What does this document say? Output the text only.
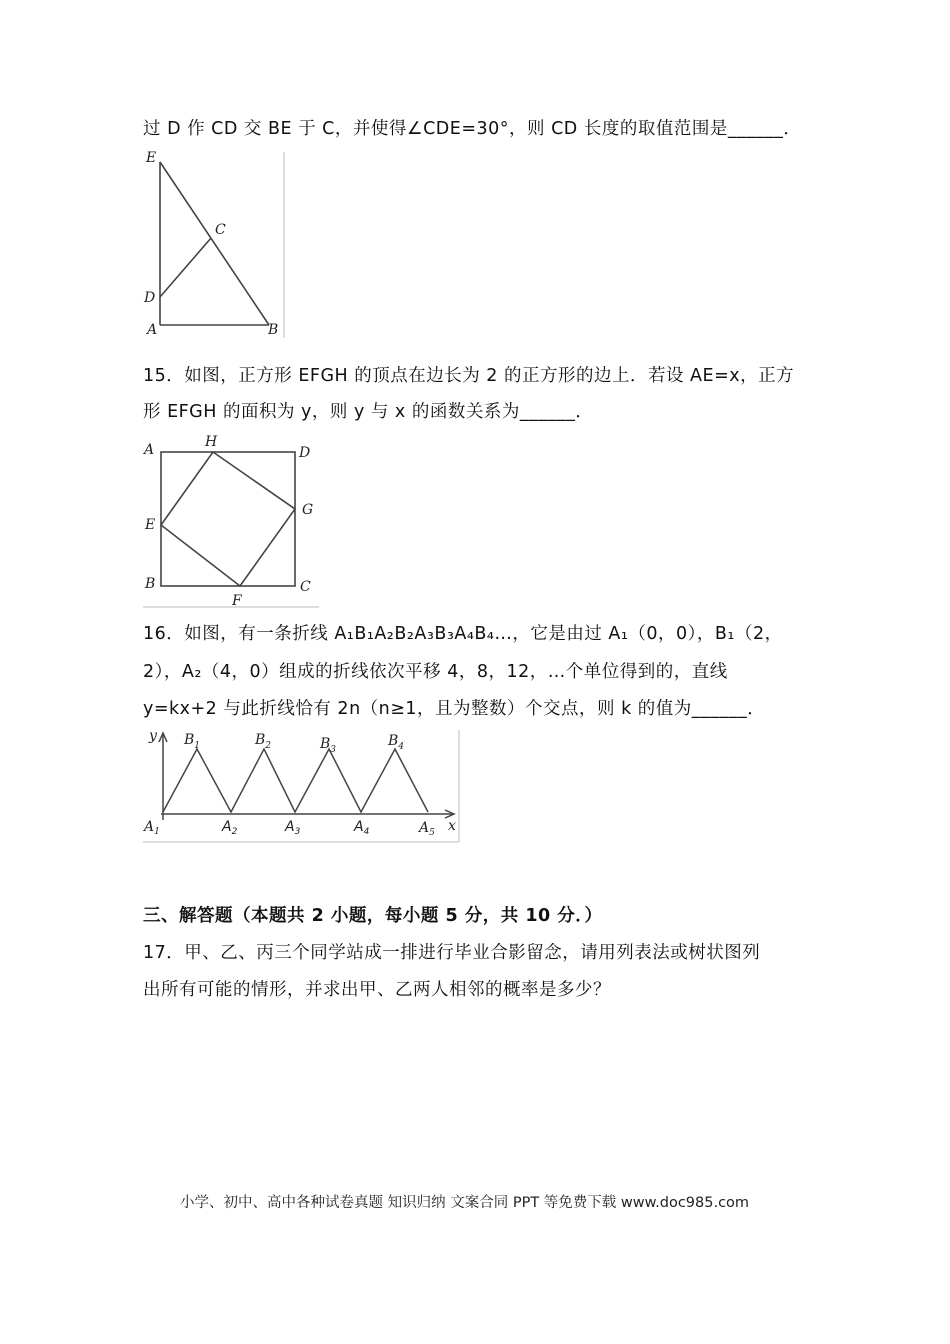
过 D 作 CD 交 BE 于 C，并使得∠CDE=30°，则 CD 长度的取值范围是______．
E
C
D
A	B
15．如图，正方形 EFGH 的顶点在边长为 2 的正方形的边上．若设 AE=x，正方
形 EFGH 的面积为 y，则 y 与 x 的函数关系为______．
A	H
D
E
G
B
F
C
16．如图，有一条折线 A₁B₁A₂B₂A₃B₃A₄B₄…，它是由过 A₁（0，0），B₁（2，
2），A₂（4，0）组成的折线依次平移 4，8，12，…个单位得到的，直线
y=kx+2 与此折线恰有 2n（n≥1，且为整数）个交点，则 k 的值为______．
y
x
$B_1$	$B_2$	$B_3$
$B_4$
$A_1$	$A_2$	$A_3$	$A_4$	$A_5$
三、解答题（本题共 2 小题，每小题 5 分，共 10 分．）
17．甲、乙、丙三个同学站成一排进行毕业合影留念，请用列表法或树状图列
出所有可能的情形，并求出甲、乙两人相邻的概率是多少？
小学、初中、高中各种试卷真题 知识归纳 文案合同 PPT 等免费下载 www.doc985.com
